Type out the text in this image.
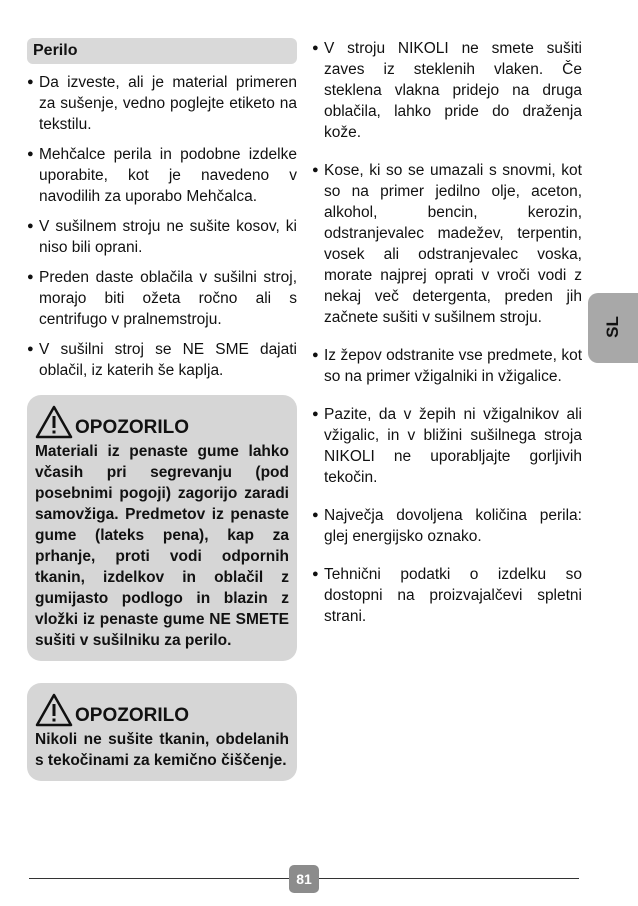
Perilo
● Da izveste, ali je material primeren za sušenje, vedno poglejte etiketo na tekstilu.
● Mehčalce perila in podobne izdelke uporabite, kot je navedeno v navodilih za uporabo Mehčalca.
● V sušilnem stroju ne sušite kosov, ki niso bili oprani.
● Preden daste oblačila v sušilni stroj, morajo biti ožeta ročno ali s centrifugo v pralnemstroju.
● V sušilni stroj se NE SME dajati oblačil, iz katerih še kaplja.
OPOZORILO
Materiali iz penaste gume lahko včasih pri segrevanju (pod posebnimi pogoji) zagorijo zaradi samovžiga. Predmetov iz penaste gume (lateks pena), kap za prhanje, proti vodi odpornih tkanin, izdelkov in oblačil z gumijasto podlogo in blazin z vložki iz penaste gume NE SMETE sušiti v sušilniku za perilo.
OPOZORILO
Nikoli ne sušite tkanin, obdelanih s tekočinami za kemično čiščenje.
● V stroju NIKOLI ne smete sušiti zaves iz steklenih vlaken. Če steklena vlakna pridejo na druga oblačila, lahko pride do draženja kože.
● Kose, ki so se umazali s snovmi, kot so na primer jedilno olje, aceton, alkohol, bencin, kerozin, odstranjevalec madežev, terpentin, vosek ali odstranjevalec voska, morate najprej oprati v vroči vodi z nekaj več detergenta, preden jih začnete sušiti v sušilnem stroju.
● Iz žepov odstranite vse predmete, kot so na primer vžigalniki in vžigalice.
● Pazite, da v žepih ni vžigalnikov ali vžigalic, in v bližini sušilnega stroja NIKOLI ne uporabljajte gorljivih tekočin.
● Največja dovoljena količina perila: glej energijsko oznako.
● Tehnični podatki o izdelku so dostopni na proizvajalčevi spletni strani.
SL
81
